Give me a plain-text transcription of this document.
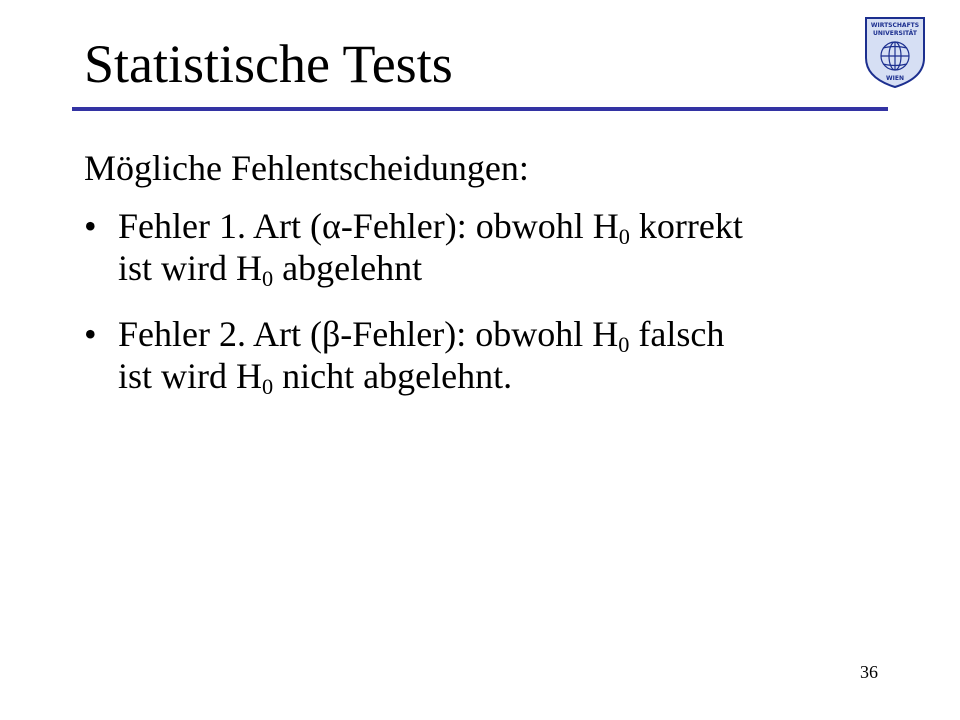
Statistische Tests
WIRTSCHAFTS
UNIVERSITÄT
WIEN
Mögliche Fehlentscheidungen:
• Fehler 1. Art (α-Fehler): obwohl $H_0$ korrekt
ist wird $H_0$ abgelehnt
• Fehler 2. Art (β-Fehler): obwohl $H_0$ falsch
ist wird $H_0$ nicht abgelehnt.
36
